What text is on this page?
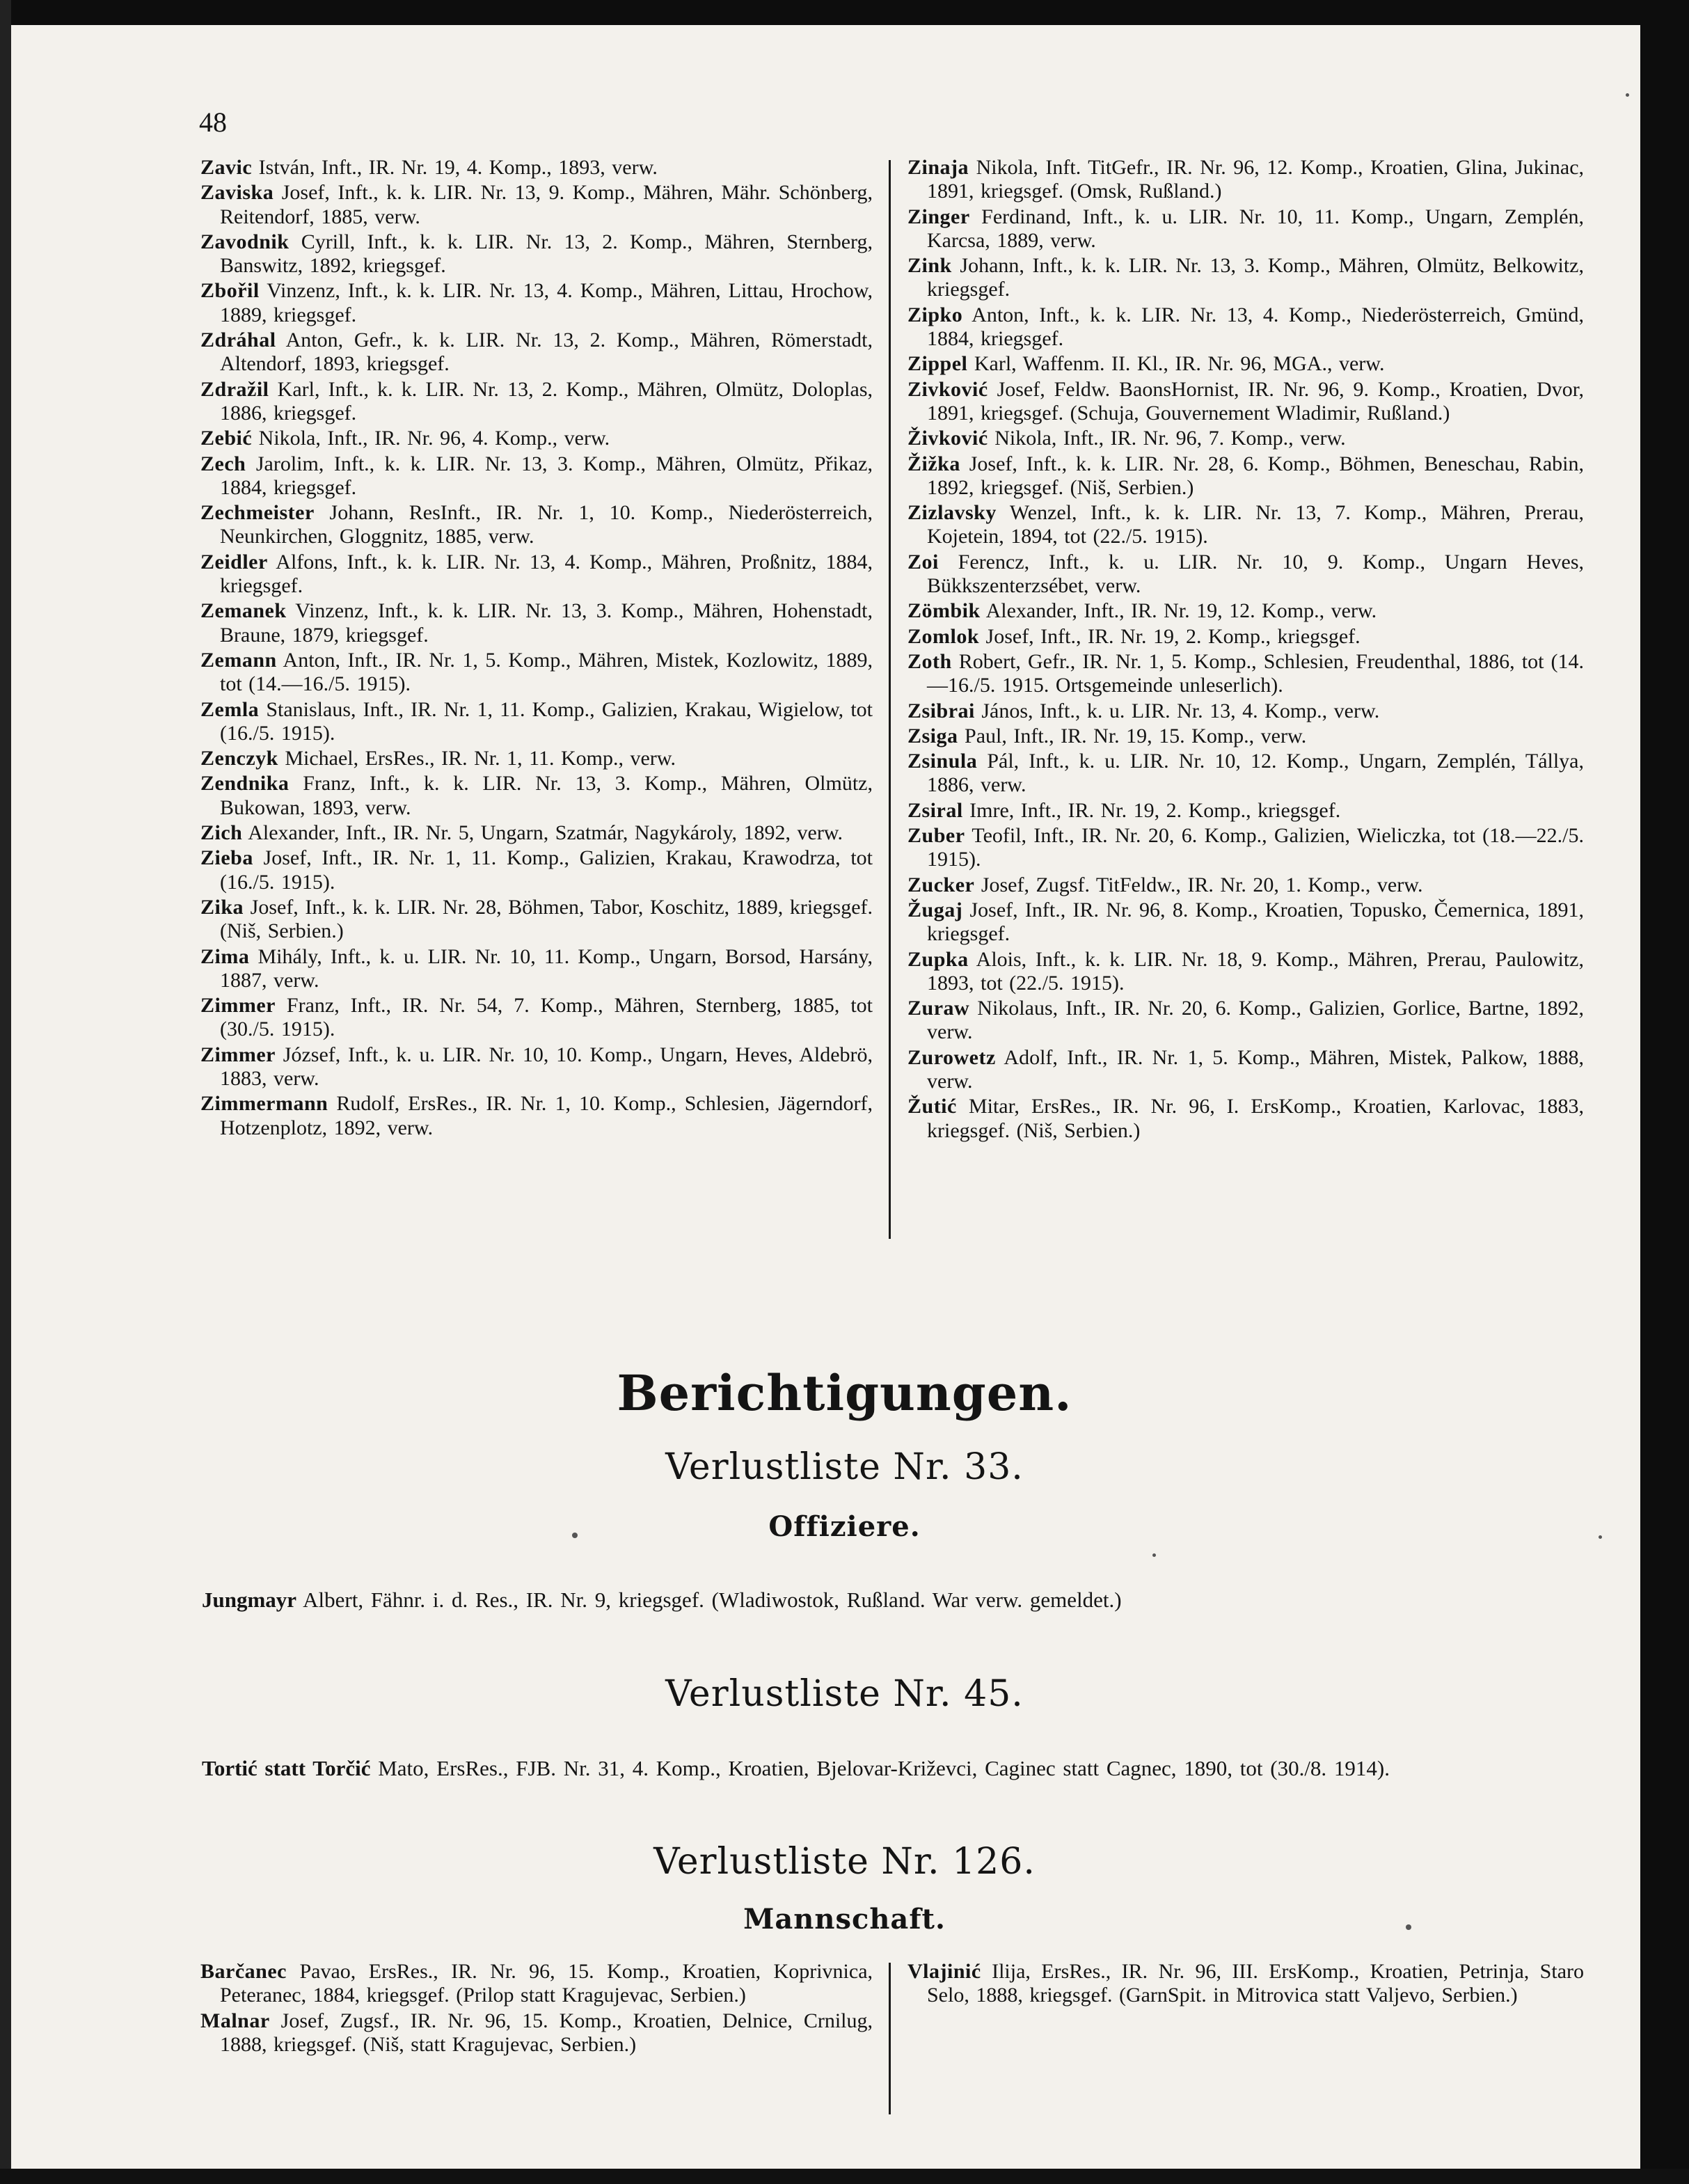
48

Zavic István, Inft., IR. Nr. 19, 4. Komp., 1893, verw.

Zaviska Josef, Inft., k. k. LIR. Nr. 13, 9. Komp., Mähren, Mähr. Schönberg, Reitendorf, 1885, verw.

Zavodnik Cyrill, Inft., k. k. LIR. Nr. 13, 2. Komp., Mähren, Sternberg, Banswitz, 1892, kriegsgef.

Zbořil Vinzenz, Inft., k. k. LIR. Nr. 13, 4. Komp., Mähren, Littau, Hrochow, 1889, kriegsgef.

Zdráhal Anton, Gefr., k. k. LIR. Nr. 13, 2. Komp., Mähren, Römerstadt, Altendorf, 1893, kriegsgef.

Zdražil Karl, Inft., k. k. LIR. Nr. 13, 2. Komp., Mähren, Olmütz, Doloplas, 1886, kriegsgef.

Zebić Nikola, Inft., IR. Nr. 96, 4. Komp., verw.

Zech Jarolim, Inft., k. k. LIR. Nr. 13, 3. Komp., Mähren, Olmütz, Přikaz, 1884, kriegsgef.

Zechmeister Johann, ResInft., IR. Nr. 1, 10. Komp., Niederösterreich, Neunkirchen, Gloggnitz, 1885, verw.

Zeidler Alfons, Inft., k. k. LIR. Nr. 13, 4. Komp., Mähren, Proßnitz, 1884, kriegsgef.

Zemanek Vinzenz, Inft., k. k. LIR. Nr. 13, 3. Komp., Mähren, Hohenstadt, Braune, 1879, kriegsgef.

Zemann Anton, Inft., IR. Nr. 1, 5. Komp., Mähren, Mistek, Kozlowitz, 1889, tot (14.—16./5. 1915).

Zemla Stanislaus, Inft., IR. Nr. 1, 11. Komp., Galizien, Krakau, Wigielow, tot (16./5. 1915).

Zenczyk Michael, ErsRes., IR. Nr. 1, 11. Komp., verw.

Zendnika Franz, Inft., k. k. LIR. Nr. 13, 3. Komp., Mähren, Olmütz, Bukowan, 1893, verw.

Zich Alexander, Inft., IR. Nr. 5, Ungarn, Szatmár, Nagykároly, 1892, verw.

Zieba Josef, Inft., IR. Nr. 1, 11. Komp., Galizien, Krakau, Krawodrza, tot (16./5. 1915).

Zika Josef, Inft., k. k. LIR. Nr. 28, Böhmen, Tabor, Koschitz, 1889, kriegsgef. (Niš, Serbien.)

Zima Mihály, Inft., k. u. LIR. Nr. 10, 11. Komp., Ungarn, Borsod, Harsány, 1887, verw.

Zimmer Franz, Inft., IR. Nr. 54, 7. Komp., Mähren, Sternberg, 1885, tot (30./5. 1915).

Zimmer József, Inft., k. u. LIR. Nr. 10, 10. Komp., Ungarn, Heves, Aldebrö, 1883, verw.

Zimmermann Rudolf, ErsRes., IR. Nr. 1, 10. Komp., Schlesien, Jägerndorf, Hotzenplotz, 1892, verw.

Zinaja Nikola, Inft. TitGefr., IR. Nr. 96, 12. Komp., Kroatien, Glina, Jukinac, 1891, kriegsgef. (Omsk, Rußland.)

Zinger Ferdinand, Inft., k. u. LIR. Nr. 10, 11. Komp., Ungarn, Zemplén, Karcsa, 1889, verw.

Zink Johann, Inft., k. k. LIR. Nr. 13, 3. Komp., Mähren, Olmütz, Belkowitz, kriegsgef.

Zipko Anton, Inft., k. k. LIR. Nr. 13, 4. Komp., Niederösterreich, Gmünd, 1884, kriegsgef.

Zippel Karl, Waffenm. II. Kl., IR. Nr. 96, MGA., verw.

Zivković Josef, Feldw. BaonsHornist, IR. Nr. 96, 9. Komp., Kroatien, Dvor, 1891, kriegsgef. (Schuja, Gouvernement Wladimir, Rußland.)

Živković Nikola, Inft., IR. Nr. 96, 7. Komp., verw.

Žižka Josef, Inft., k. k. LIR. Nr. 28, 6. Komp., Böhmen, Beneschau, Rabin, 1892, kriegsgef. (Niš, Serbien.)

Zizlavsky Wenzel, Inft., k. k. LIR. Nr. 13, 7. Komp., Mähren, Prerau, Kojetein, 1894, tot (22./5. 1915).

Zoi Ferencz, Inft., k. u. LIR. Nr. 10, 9. Komp., Ungarn Heves, Bükkszenterzsébet, verw.

Zömbik Alexander, Inft., IR. Nr. 19, 12. Komp., verw.

Zomlok Josef, Inft., IR. Nr. 19, 2. Komp., kriegsgef.

Zoth Robert, Gefr., IR. Nr. 1, 5. Komp., Schlesien, Freudenthal, 1886, tot (14.—16./5. 1915. Ortsgemeinde unleserlich).

Zsibrai János, Inft., k. u. LIR. Nr. 13, 4. Komp., verw.

Zsiga Paul, Inft., IR. Nr. 19, 15. Komp., verw.

Zsinula Pál, Inft., k. u. LIR. Nr. 10, 12. Komp., Ungarn, Zemplén, Tállya, 1886, verw.

Zsiral Imre, Inft., IR. Nr. 19, 2. Komp., kriegsgef.

Zuber Teofil, Inft., IR. Nr. 20, 6. Komp., Galizien, Wieliczka, tot (18.—22./5. 1915).

Zucker Josef, Zugsf. TitFeldw., IR. Nr. 20, 1. Komp., verw.

Žugaj Josef, Inft., IR. Nr. 96, 8. Komp., Kroatien, Topusko, Čemernica, 1891, kriegsgef.

Zupka Alois, Inft., k. k. LIR. Nr. 18, 9. Komp., Mähren, Prerau, Paulowitz, 1893, tot (22./5. 1915).

Zuraw Nikolaus, Inft., IR. Nr. 20, 6. Komp., Galizien, Gorlice, Bartne, 1892, verw.

Zurowetz Adolf, Inft., IR. Nr. 1, 5. Komp., Mähren, Mistek, Palkow, 1888, verw.

Žutić Mitar, ErsRes., IR. Nr. 96, I. ErsKomp., Kroatien, Karlovac, 1883, kriegsgef. (Niš, Serbien.)

Berichtigungen.
Verlustliste Nr. 33.
Offiziere.

Jungmayr Albert, Fähnr. i. d. Res., IR. Nr. 9, kriegsgef. (Wladiwostok, Rußland. War verw. gemeldet.)

Verlustliste Nr. 45.

Tortić statt Torčić Mato, ErsRes., FJB. Nr. 31, 4. Komp., Kroatien, Bjelovar-Križevci, Caginec statt Cagnec, 1890, tot (30./8. 1914).

Verlustliste Nr. 126.
Mannschaft.

Barčanec Pavao, ErsRes., IR. Nr. 96, 15. Komp., Kroatien, Koprivnica, Peteranec, 1884, kriegsgef. (Prilop statt Kragujevac, Serbien.)

Malnar Josef, Zugsf., IR. Nr. 96, 15. Komp., Kroatien, Delnice, Crnilug, 1888, kriegsgef. (Niš, statt Kragujevac, Serbien.)

Vlajinić Ilija, ErsRes., IR. Nr. 96, III. ErsKomp., Kroatien, Petrinja, Staro Selo, 1888, kriegsgef. (GarnSpit. in Mitrovica statt Valjevo, Serbien.)
